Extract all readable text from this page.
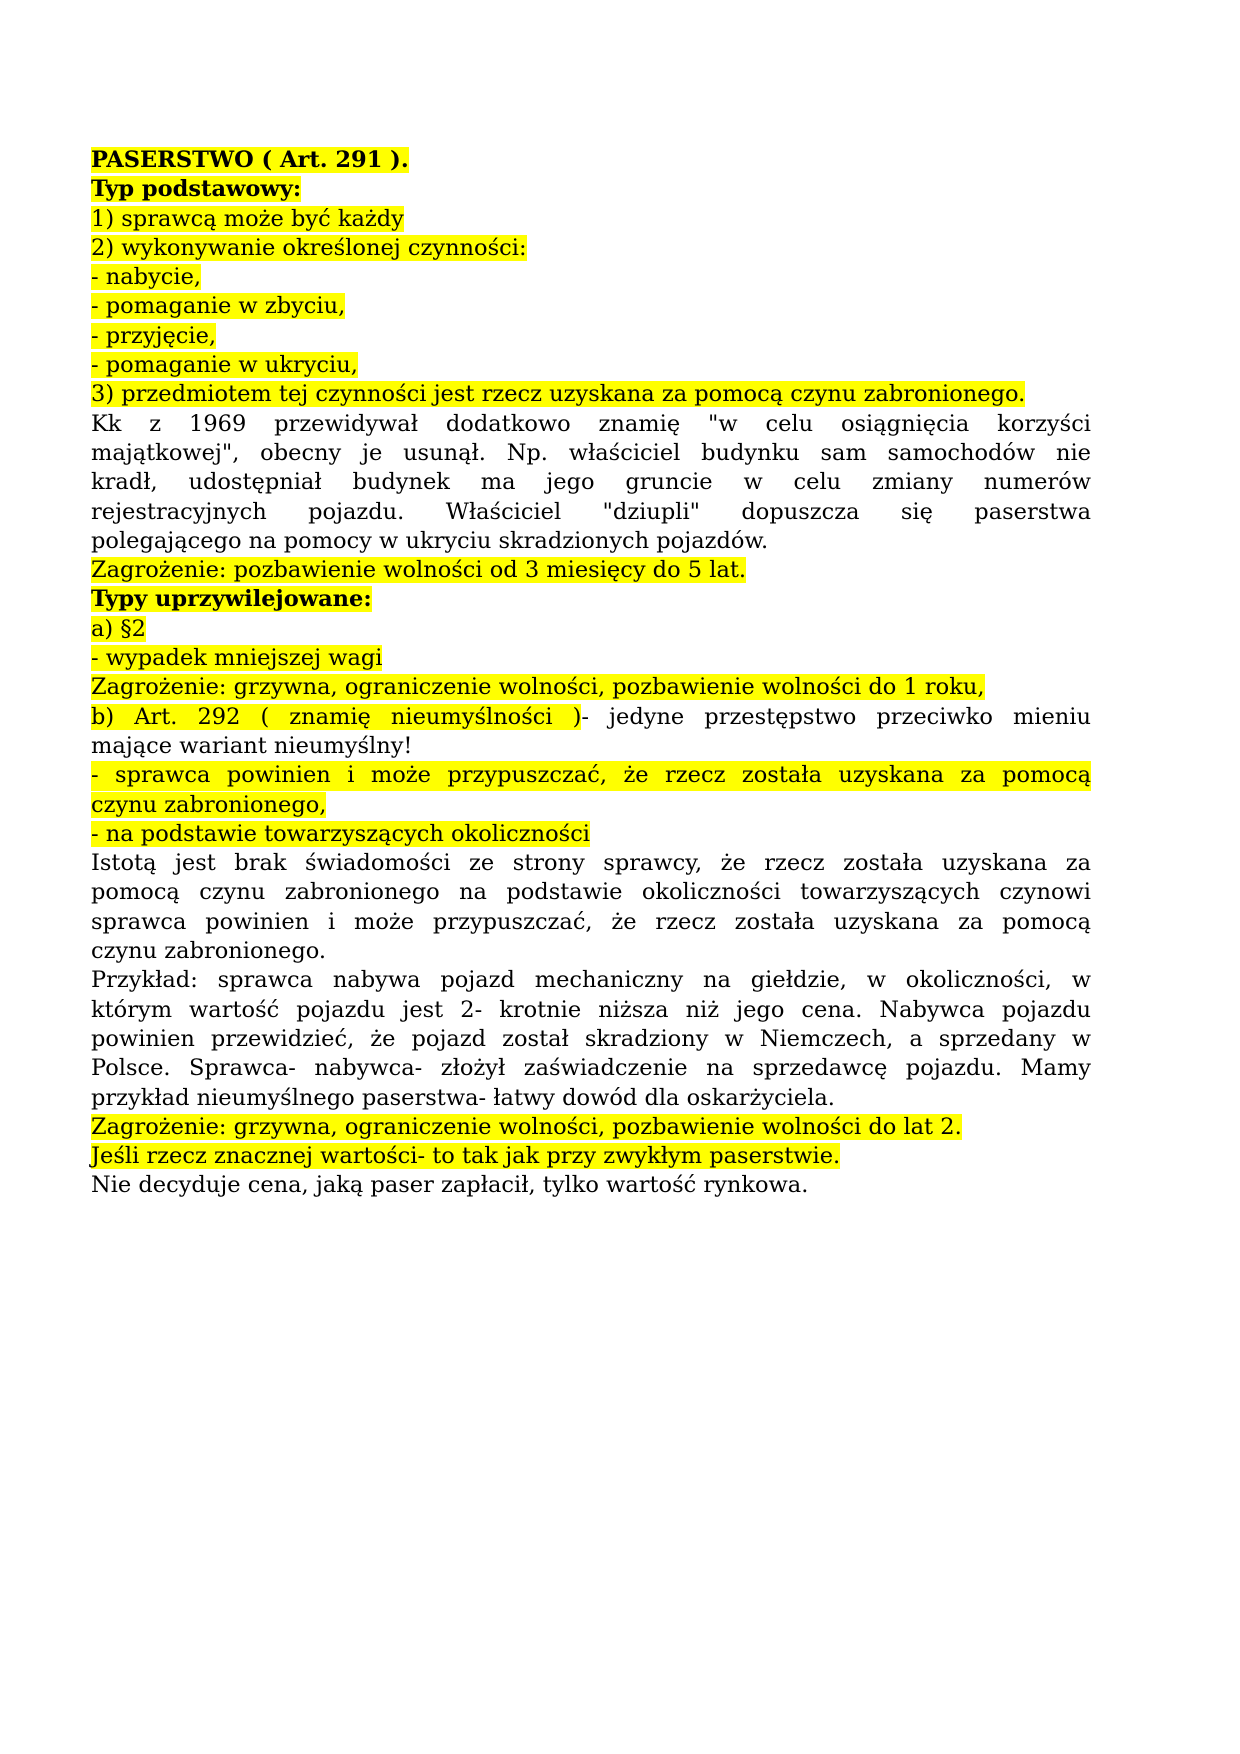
PASERSTWO ( Art. 291 ).
Typ podstawowy:
1) sprawcą może być każdy
2) wykonywanie określonej czynności:
- nabycie,
- pomaganie w zbyciu,
- przyjęcie,
- pomaganie w ukryciu,
3) przedmiotem tej czynności jest rzecz uzyskana za pomocą czynu zabronionego.
Kk z 1969 przewidywał dodatkowo znamię "w celu osiągnięcia korzyści
majątkowej", obecny je usunął. Np. właściciel budynku sam samochodów nie
kradł, udostępniał budynek ma jego gruncie w celu zmiany numerów
rejestracyjnych pojazdu. Właściciel "dziupli" dopuszcza się paserstwa
polegającego na pomocy w ukryciu skradzionych pojazdów.
Zagrożenie: pozbawienie wolności od 3 miesięcy do 5 lat.
Typy uprzywilejowane:
a) §2
- wypadek mniejszej wagi
Zagrożenie: grzywna, ograniczenie wolności, pozbawienie wolności do 1 roku,
b) Art. 292 ( znamię nieumyślności )- jedyne przestępstwo przeciwko mieniu
mające wariant nieumyślny!
- sprawca powinien i może przypuszczać, że rzecz została uzyskana za pomocą
czynu zabronionego,
- na podstawie towarzyszących okoliczności
Istotą jest brak świadomości ze strony sprawcy, że rzecz została uzyskana za
pomocą czynu zabronionego na podstawie okoliczności towarzyszących czynowi
sprawca powinien i może przypuszczać, że rzecz została uzyskana za pomocą
czynu zabronionego.
Przykład: sprawca nabywa pojazd mechaniczny na giełdzie, w okoliczności, w
którym wartość pojazdu jest 2- krotnie niższa niż jego cena. Nabywca pojazdu
powinien przewidzieć, że pojazd został skradziony w Niemczech, a sprzedany w
Polsce. Sprawca- nabywca- złożył zaświadczenie na sprzedawcę pojazdu. Mamy
przykład nieumyślnego paserstwa- łatwy dowód dla oskarżyciela.
Zagrożenie: grzywna, ograniczenie wolności, pozbawienie wolności do lat 2.
Jeśli rzecz znacznej wartości- to tak jak przy zwykłym paserstwie.
Nie decyduje cena, jaką paser zapłacił, tylko wartość rynkowa.
